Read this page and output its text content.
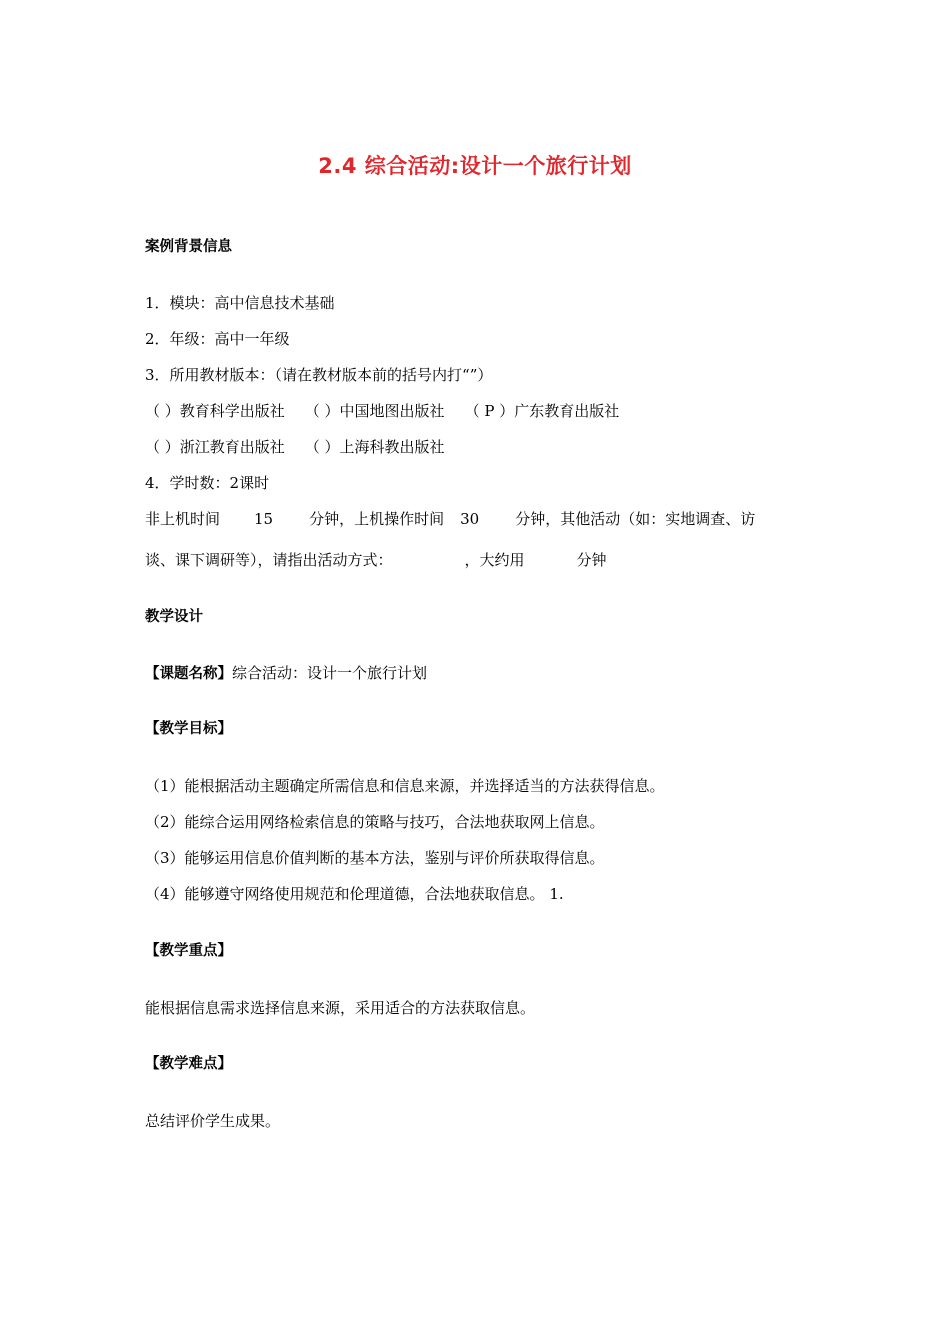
2.4 综合活动:设计一个旅行计划
案例背景信息
1．模块：高中信息技术基础
2．年级：高中一年级
3．所用教材版本：（请在教材版本前的括号内打“”）
（ ）教育科学出版社 （ ）中国地图出版社 （ P ）广东教育出版社
（ ）浙江教育出版社 （ ）上海科教出版社
4．学时数：2课时
非上机时间 15 分钟，上机操作时间 30 分钟，其他活动（如：实地调查、访
谈、课下调研等），请指出活动方式：	，大约用	分钟
教学设计
【课题名称】综合活动：设计一个旅行计划
【教学目标】
（1）能根据活动主题确定所需信息和信息来源，并选择适当的方法获得信息。
（2）能综合运用网络检索信息的策略与技巧，合法地获取网上信息。
（3）能够运用信息价值判断的基本方法，鉴别与评价所获取得信息。
（4）能够遵守网络使用规范和伦理道德，合法地获取信息。 1.
【教学重点】
能根据信息需求选择信息来源，采用适合的方法获取信息。
【教学难点】
总结评价学生成果。
